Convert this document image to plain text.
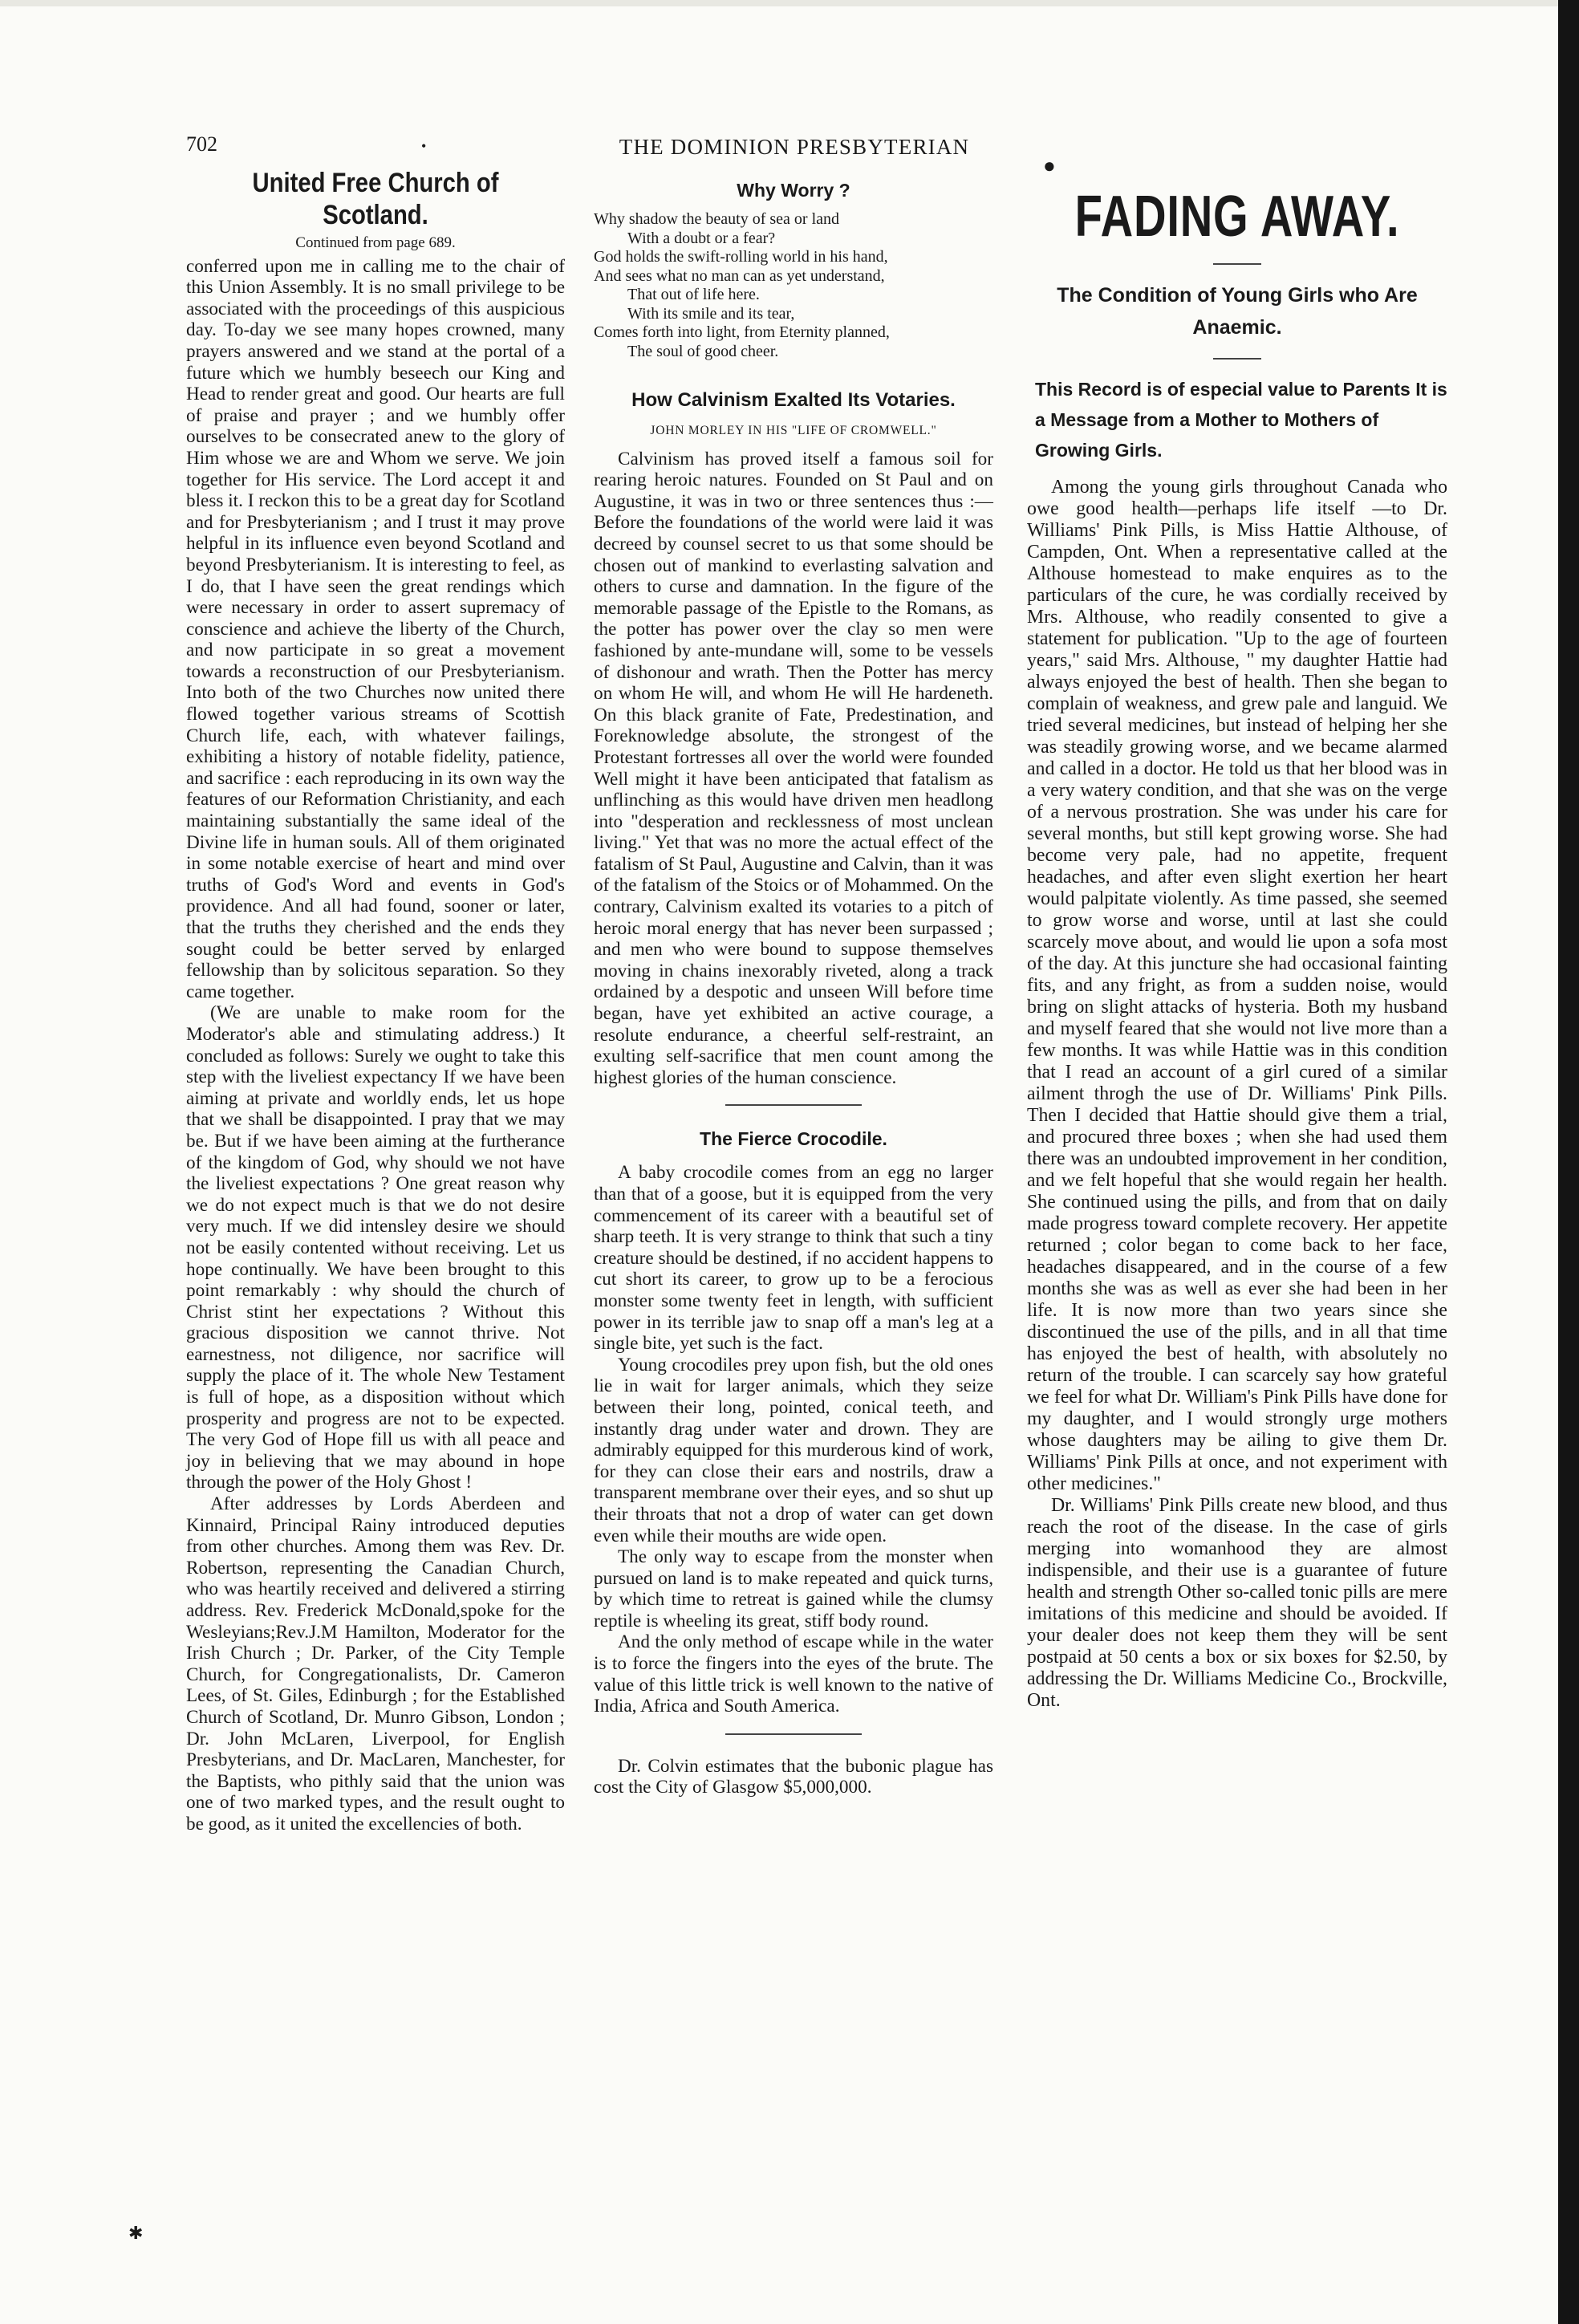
702	•	THE DOMINION PRESBYTERIAN
●
United Free Church of Scotland.
Continued from page 689.

conferred upon me in calling me to the chair of this Union Assembly. It is no small privilege to be associated with the proceedings of this auspicious day. To-day we see many hopes crowned, many prayers answered and we stand at the portal of a future which we humbly beseech our King and Head to render great and good. Our hearts are full of praise and prayer ; and we humbly offer ourselves to be consecrated anew to the glory of Him whose we are and Whom we serve. We join together for His service. The Lord accept it and bless it. I reckon this to be a great day for Scotland and for Presbyterianism ; and I trust it may prove helpful in its influence even beyond Scotland and beyond Presbyterianism. It is interesting to feel, as I do, that I have seen the great rendings which were necessary in order to assert supremacy of conscience and achieve the liberty of the Church, and now participate in so great a movement towards a reconstruction of our Presbyterianism. Into both of the two Churches now united there flowed together various streams of Scottish Church life, each, with whatever failings, exhibiting a history of notable fidelity, patience, and sacrifice : each reproducing in its own way the features of our Reformation Christianity, and each maintaining substantially the same ideal of the Divine life in human souls. All of them originated in some notable exercise of heart and mind over truths of God's Word and events in God's providence. And all had found, sooner or later, that the truths they cherished and the ends they sought could be better served by enlarged fellowship than by solicitous separation. So they came together.

(We are unable to make room for the Moderator's able and stimulating address.) It concluded as follows: Surely we ought to take this step with the liveliest expectancy If we have been aiming at private and worldly ends, let us hope that we shall be disappointed. I pray that we may be. But if we have been aiming at the furtherance of the kingdom of God, why should we not have the liveliest expectations ? One great reason why we do not expect much is that we do not desire very much. If we did intensley desire we should not be easily contented without receiving. Let us hope continually. We have been brought to this point remarkably : why should the church of Christ stint her expectations ? Without this gracious disposition we cannot thrive. Not earnestness, not diligence, nor sacrifice will supply the place of it. The whole New Testament is full of hope, as a disposition without which prosperity and progress are not to be expected. The very God of Hope fill us with all peace and joy in believing that we may abound in hope through the power of the Holy Ghost !

After addresses by Lords Aberdeen and Kinnaird, Principal Rainy introduced deputies from other churches. Among them was Rev. Dr. Robertson, representing the Canadian Church, who was heartily received and delivered a stirring address. Rev. Frederick McDonald,spoke for the Wesleyians;Rev.J.M Hamilton, Moderator for the Irish Church ; Dr. Parker, of the City Temple Church, for Congregationalists, Dr. Cameron Lees, of St. Giles, Edinburgh ; for the Established Church of Scotland, Dr. Munro Gibson, London ; Dr. John McLaren, Liverpool, for English Presbyterians, and Dr. MacLaren, Manchester, for the Baptists, who pithly said that the union was one of two marked types, and the result ought to be good, as it united the excellencies of both.

Why Worry ?
Why shadow the beauty of sea or land
With a doubt or a fear?
God holds the swift-rolling world in his hand,
And sees what no man can as yet understand,
That out of life here.
With its smile and its tear,
Comes forth into light, from Eternity planned,
The soul of good cheer.
How Calvinism Exalted Its Votaries.
JOHN MORLEY IN HIS "LIFE OF CROMWELL."

Calvinism has proved itself a famous soil for rearing heroic natures. Founded on St Paul and on Augustine, it was in two or three sentences thus :—Before the foundations of the world were laid it was decreed by counsel secret to us that some should be chosen out of mankind to everlasting salvation and others to curse and damnation. In the figure of the memorable passage of the Epistle to the Romans, as the potter has power over the clay so men were fashioned by ante-mundane will, some to be vessels of dishonour and wrath. Then the Potter has mercy on whom He will, and whom He will He hardeneth. On this black granite of Fate, Predestination, and Foreknowledge absolute, the strongest of the Protestant fortresses all over the world were founded Well might it have been anticipated that fatalism as unflinching as this would have driven men headlong into "desperation and recklessness of most unclean living." Yet that was no more the actual effect of the fatalism of St Paul, Augustine and Calvin, than it was of the fatalism of the Stoics or of Mohammed. On the contrary, Calvinism exalted its votaries to a pitch of heroic moral energy that has never been surpassed ; and men who were bound to suppose themselves moving in chains inexorably riveted, along a track ordained by a despotic and unseen Will before time began, have yet exhibited an active courage, a resolute endurance, a cheerful self-restraint, an exulting self-sacrifice that men count among the highest glories of the human conscience.

The Fierce Crocodile.

A baby crocodile comes from an egg no larger than that of a goose, but it is equipped from the very commencement of its career with a beautiful set of sharp teeth. It is very strange to think that such a tiny creature should be destined, if no accident happens to cut short its career, to grow up to be a ferocious monster some twenty feet in length, with sufficient power in its terrible jaw to snap off a man's leg at a single bite, yet such is the fact.

Young crocodiles prey upon fish, but the old ones lie in wait for larger animals, which they seize between their long, pointed, conical teeth, and instantly drag under water and drown. They are admirably equipped for this murderous kind of work, for they can close their ears and nostrils, draw a transparent membrane over their eyes, and so shut up their throats that not a drop of water can get down even while their mouths are wide open.

The only way to escape from the monster when pursued on land is to make repeated and quick turns, by which time to retreat is gained while the clumsy reptile is wheeling its great, stiff body round.

And the only method of escape while in the water is to force the fingers into the eyes of the brute. The value of this little trick is well known to the native of India, Africa and South America.

Dr. Colvin estimates that the bubonic plague has cost the City of Glasgow $5,000,000.

FADING AWAY.
The Condition of Young Girls who Are Anaemic.
This Record is of especial value to Parents It is a Message from a Mother to Mothers of Growing Girls.

Among the young girls throughout Canada who owe good health—perhaps life itself —to Dr. Williams' Pink Pills, is Miss Hattie Althouse, of Campden, Ont. When a representative called at the Althouse homestead to make enquires as to the particulars of the cure, he was cordially received by Mrs. Althouse, who readily consented to give a statement for publication. "Up to the age of fourteen years," said Mrs. Althouse, " my daughter Hattie had always enjoyed the best of health. Then she began to complain of weakness, and grew pale and languid. We tried several medicines, but instead of helping her she was steadily growing worse, and we became alarmed and called in a doctor. He told us that her blood was in a very watery condition, and that she was on the verge of a nervous prostration. She was under his care for several months, but still kept growing worse. She had become very pale, had no appetite, frequent headaches, and after even slight exertion her heart would palpitate violently. As time passed, she seemed to grow worse and worse, until at last she could scarcely move about, and would lie upon a sofa most of the day. At this juncture she had occasional fainting fits, and any fright, as from a sudden noise, would bring on slight attacks of hysteria. Both my husband and myself feared that she would not live more than a few months. It was while Hattie was in this condition that I read an account of a girl cured of a similar ailment throgh the use of Dr. Williams' Pink Pills. Then I decided that Hattie should give them a trial, and procured three boxes ; when she had used them there was an undoubted improvement in her condition, and we felt hopeful that she would regain her health. She continued using the pills, and from that on daily made progress toward complete recovery. Her appetite returned ; color began to come back to her face, headaches disappeared, and in the course of a few months she was as well as ever she had been in her life. It is now more than two years since she discontinued the use of the pills, and in all that time has enjoyed the best of health, with absolutely no return of the trouble. I can scarcely say how grateful we feel for what Dr. William's Pink Pills have done for my daughter, and I would strongly urge mothers whose daughters may be ailing to give them Dr. Williams' Pink Pills at once, and not experiment with other medicines."

Dr. Williams' Pink Pills create new blood, and thus reach the root of the disease. In the case of girls merging into womanhood they are almost indispensible, and their use is a guarantee of future health and strength Other so-called tonic pills are mere imitations of this medicine and should be avoided. If your dealer does not keep them they will be sent postpaid at 50 cents a box or six boxes for $2.50, by addressing the Dr. Williams Medicine Co., Brockville, Ont.

✱
